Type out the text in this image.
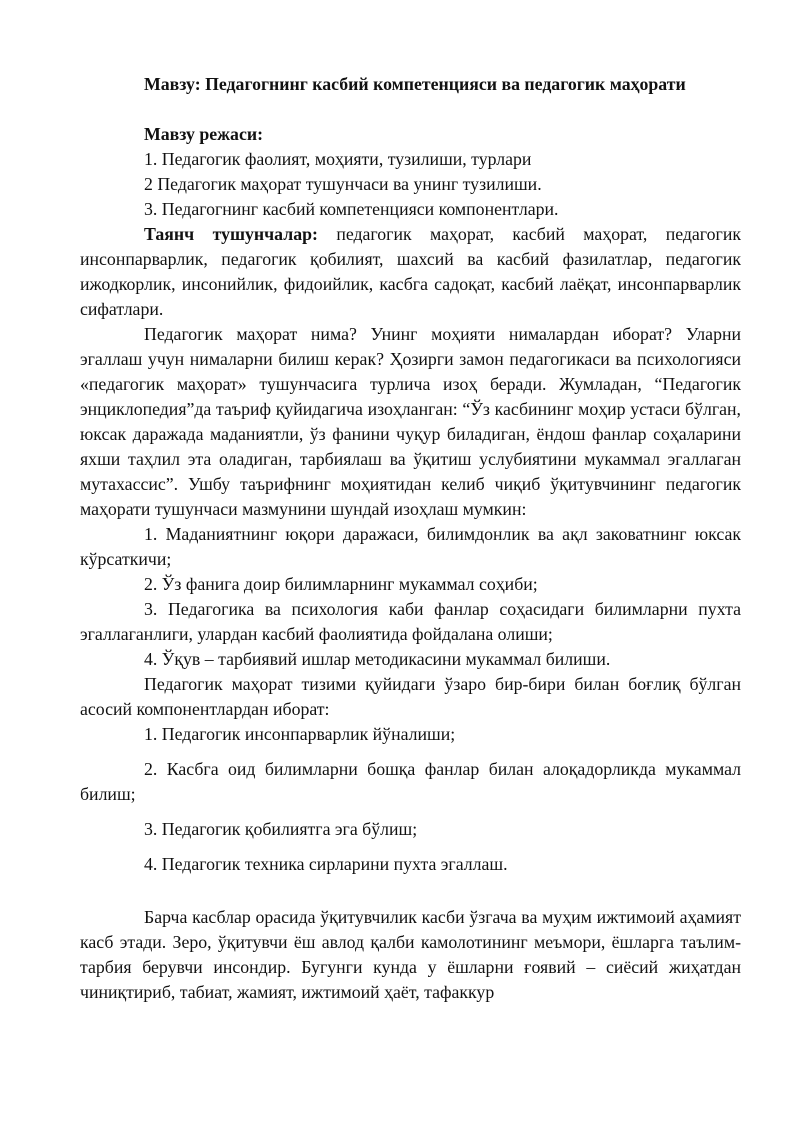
Мавзу: Педагогнинг касбий компетенцияси ва педагогик маҳорати

Мавзу режаси:

1. Педагогик фаолият, моҳияти, тузилиши, турлари

2 Педагогик маҳорат тушунчаси ва унинг тузилиши.

3. Педагогнинг касбий компетенцияси компонентлари.

Таянч тушунчалар: педагогик маҳорат, касбий маҳорат, педагогик инсонпарварлик, педагогик қобилият, шахсий ва касбий фазилатлар, педагогик ижодкорлик, инсонийлик, фидоийлик, касбга садоқат, касбий лаёқат, инсонпарварлик сифатлари.

Педагогик маҳорат нима? Унинг моҳияти нималардан иборат? Уларни эгаллаш учун нималарни билиш керак? Ҳозирги замон педагогикаси ва психологияси «педагогик маҳорат» тушунчасига турлича изоҳ беради. Жумладан, “Педагогик энциклопедия”да таъриф қуйидагича изоҳланган: “Ўз касбининг моҳир устаси бўлган, юксак даражада маданиятли, ўз фанини чуқур биладиган, ёндош фанлар соҳаларини яхши таҳлил эта оладиган, тарбиялаш ва ўқитиш услубиятини мукаммал эгаллаган мутахассис”. Ушбу таърифнинг моҳиятидан келиб чиқиб ўқитувчининг педагогик маҳорати тушунчаси мазмунини шундай изоҳлаш мумкин:

1. Маданиятнинг юқори даражаси, билимдонлик ва ақл заковатнинг юксак кўрсаткичи;

2. Ўз фанига доир билимларнинг мукаммал соҳиби;

3. Педагогика ва психология каби фанлар соҳасидаги билимларни пухта эгаллаганлиги, улардан касбий фаолиятида фойдалана олиши;

4. Ўқув – тарбиявий ишлар методикасини мукаммал билиши.

Педагогик маҳорат тизими қуйидаги ўзаро бир-бири билан боғлиқ бўлган асосий компонентлардан иборат:

1. Педагогик инсонпарварлик йўналиши;

2. Касбга оид билимларни бошқа фанлар билан алоқадорликда мукаммал билиш;

3. Педагогик қобилиятга эга бўлиш;

4. Педагогик техника сирларини пухта эгаллаш.

Барча касблар орасида ўқитувчилик касби ўзгача ва муҳим ижтимоий аҳамият касб этади. Зеро, ўқитувчи ёш авлод қалби камолотининг меъмори, ёшларга таълим-тарбия берувчи инсондир. Бугунги кунда у ёшларни ғоявий – сиёсий жиҳатдан чиниқтириб, табиат, жамият, ижтимоий ҳаёт, тафаккур
